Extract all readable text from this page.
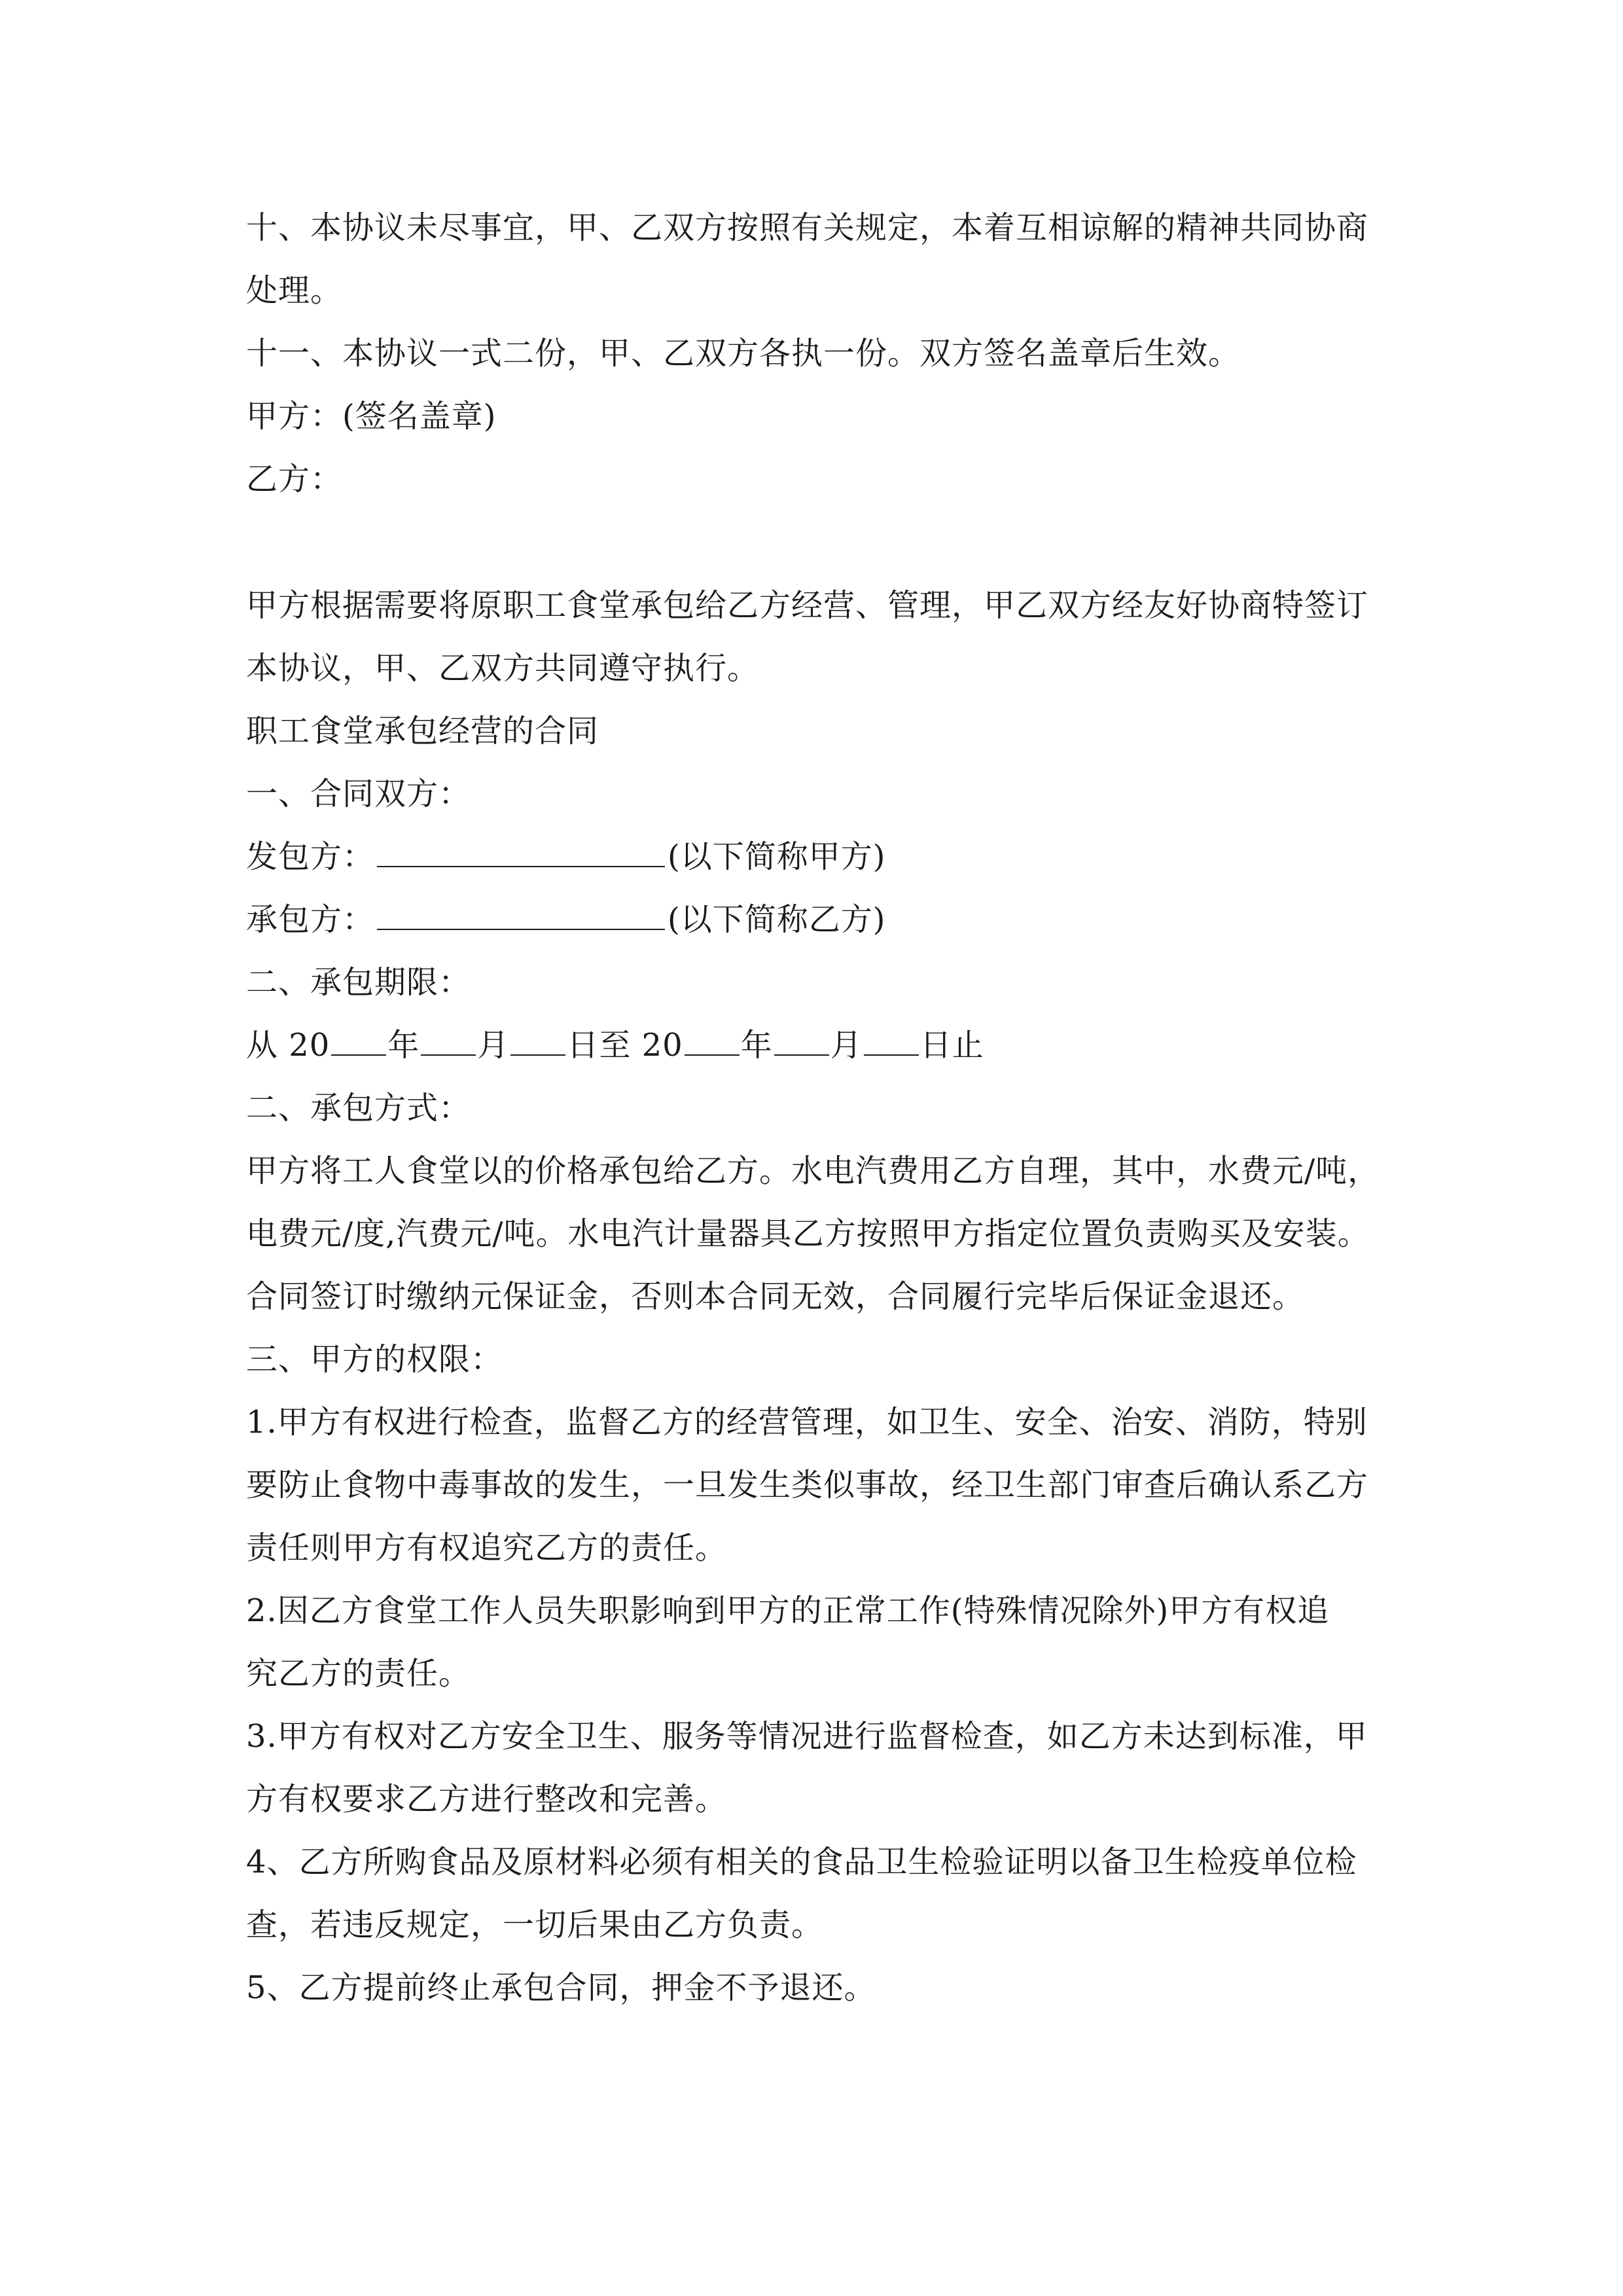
十、本协议未尽事宜，甲、乙双方按照有关规定，本着互相谅解的精神共同协商
处理。
十一、本协议一式二份，甲、乙双方各执一份。双方签名盖章后生效。
甲方：(签名盖章)
乙方：
甲方根据需要将原职工食堂承包给乙方经营、管理，甲乙双方经友好协商特签订
本协议，甲、乙双方共同遵守执行。
职工食堂承包经营的合同
一、合同双方：
发包方：	(以下简称甲方)
承包方：	(以下简称乙方)
二、承包期限：
从 20 年 月 日至 20 年 月 日止
二、承包方式：
甲方将工人食堂以的价格承包给乙方。水电汽费用乙方自理，其中，水费元/吨，
电费元/度,汽费元/吨。水电汽计量器具乙方按照甲方指定位置负责购买及安装。
合同签订时缴纳元保证金，否则本合同无效，合同履行完毕后保证金退还。
三、甲方的权限：
1.甲方有权进行检查，监督乙方的经营管理，如卫生、安全、治安、消防，特别
要防止食物中毒事故的发生，一旦发生类似事故，经卫生部门审查后确认系乙方
责任则甲方有权追究乙方的责任。
2.因乙方食堂工作人员失职影响到甲方的正常工作(特殊情况除外)甲方有权追
究乙方的责任。
3.甲方有权对乙方安全卫生、服务等情况进行监督检查，如乙方未达到标准，甲
方有权要求乙方进行整改和完善。
4、乙方所购食品及原材料必须有相关的食品卫生检验证明以备卫生检疫单位检
查，若违反规定，一切后果由乙方负责。
5、乙方提前终止承包合同，押金不予退还。
